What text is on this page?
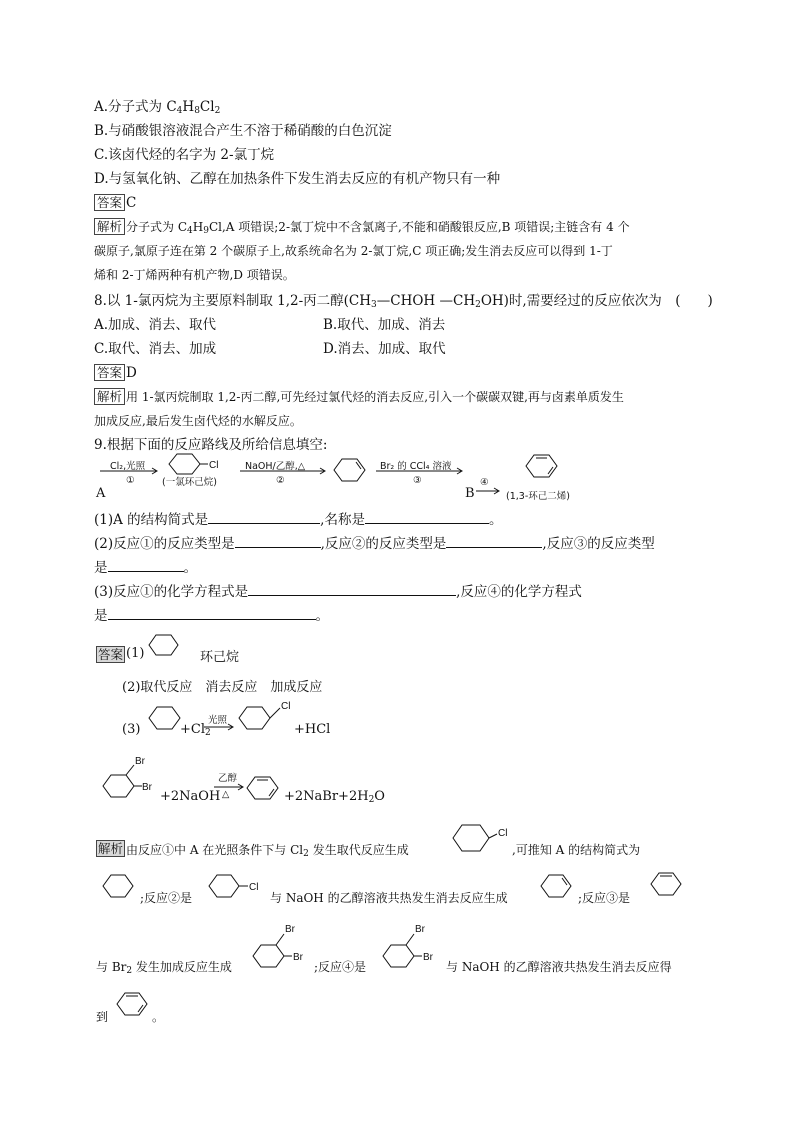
A.分子式为 $C_4H_8Cl_2$
B.与硝酸银溶液混合产生不溶于稀硝酸的白色沉淀
C.该卤代烃的名字为 2-氯丁烷
D.与氢氧化钠、乙醇在加热条件下发生消去反应的有机产物只有一种
答案 C
解析 分子式为 $C_4H_9Cl,A$ 项错误;2-氯丁烷中不含氯离子,不能和硝酸银反应,B 项错误;主链含有 4 个
碳原子,氯原子连在第 2 个碳原子上,故系统命名为 2-氯丁烷,C 项正确;发生消去反应可以得到 1-丁
烯和 2-丁烯两种有机产物,D 项错误。
8.以 1-氯丙烷为主要原料制取 1,2-丙二醇($CH_3—CHOH$ $—CH_2OH$)时,需要经过的反应依次为　(　　)
A.加成、消去、取代	B.取代、加成、消去
C.取代、消去、加成	D.消去、加成、取代
答案 D
解析 用 1-氯丙烷制取 1,2-丙二醇,可先经过氯代烃的消去反应,引入一个碳碳双键,再与卤素单质发生
加成反应,最后发生卤代烃的水解反应。
9.根据下面的反应路线及所给信息填空:
A
Cl₂,光照
①
Cl
(一氯环己烷)
NaOH/乙醇,△
②
Br₂ 的 CCl₄ 溶液
③
B
④
(1,3-环己二烯)
(1)A 的结构简式是	,名称是	。
(2)反应①的反应类型是	,反应②的反应类型是	,反应③的反应类型
是	。
(3)反应①的化学方程式是	,反应④的化学方程式
是	。
答案 (1)	环己烷
(2)取代反应　消去反应　加成反应
(3)	$+Cl_2$
光照
Cl
+HCl
Br
Br
+2NaOH
乙醇
△	$+2NaBr+2H_2O$
解析 由反应①中 A 在光照条件下与 $Cl_2$ 发生取代反应生成
Cl
,可推知 A 的结构简式为
;反应②是
Cl
与 NaOH 的乙醇溶液共热发生消去反应生成	;反应③是
与 $Br_2$ 发生加成反应生成
Br
Br
;反应④是
Br
Br
与 NaOH 的乙醇溶液共热发生消去反应得
到	。
